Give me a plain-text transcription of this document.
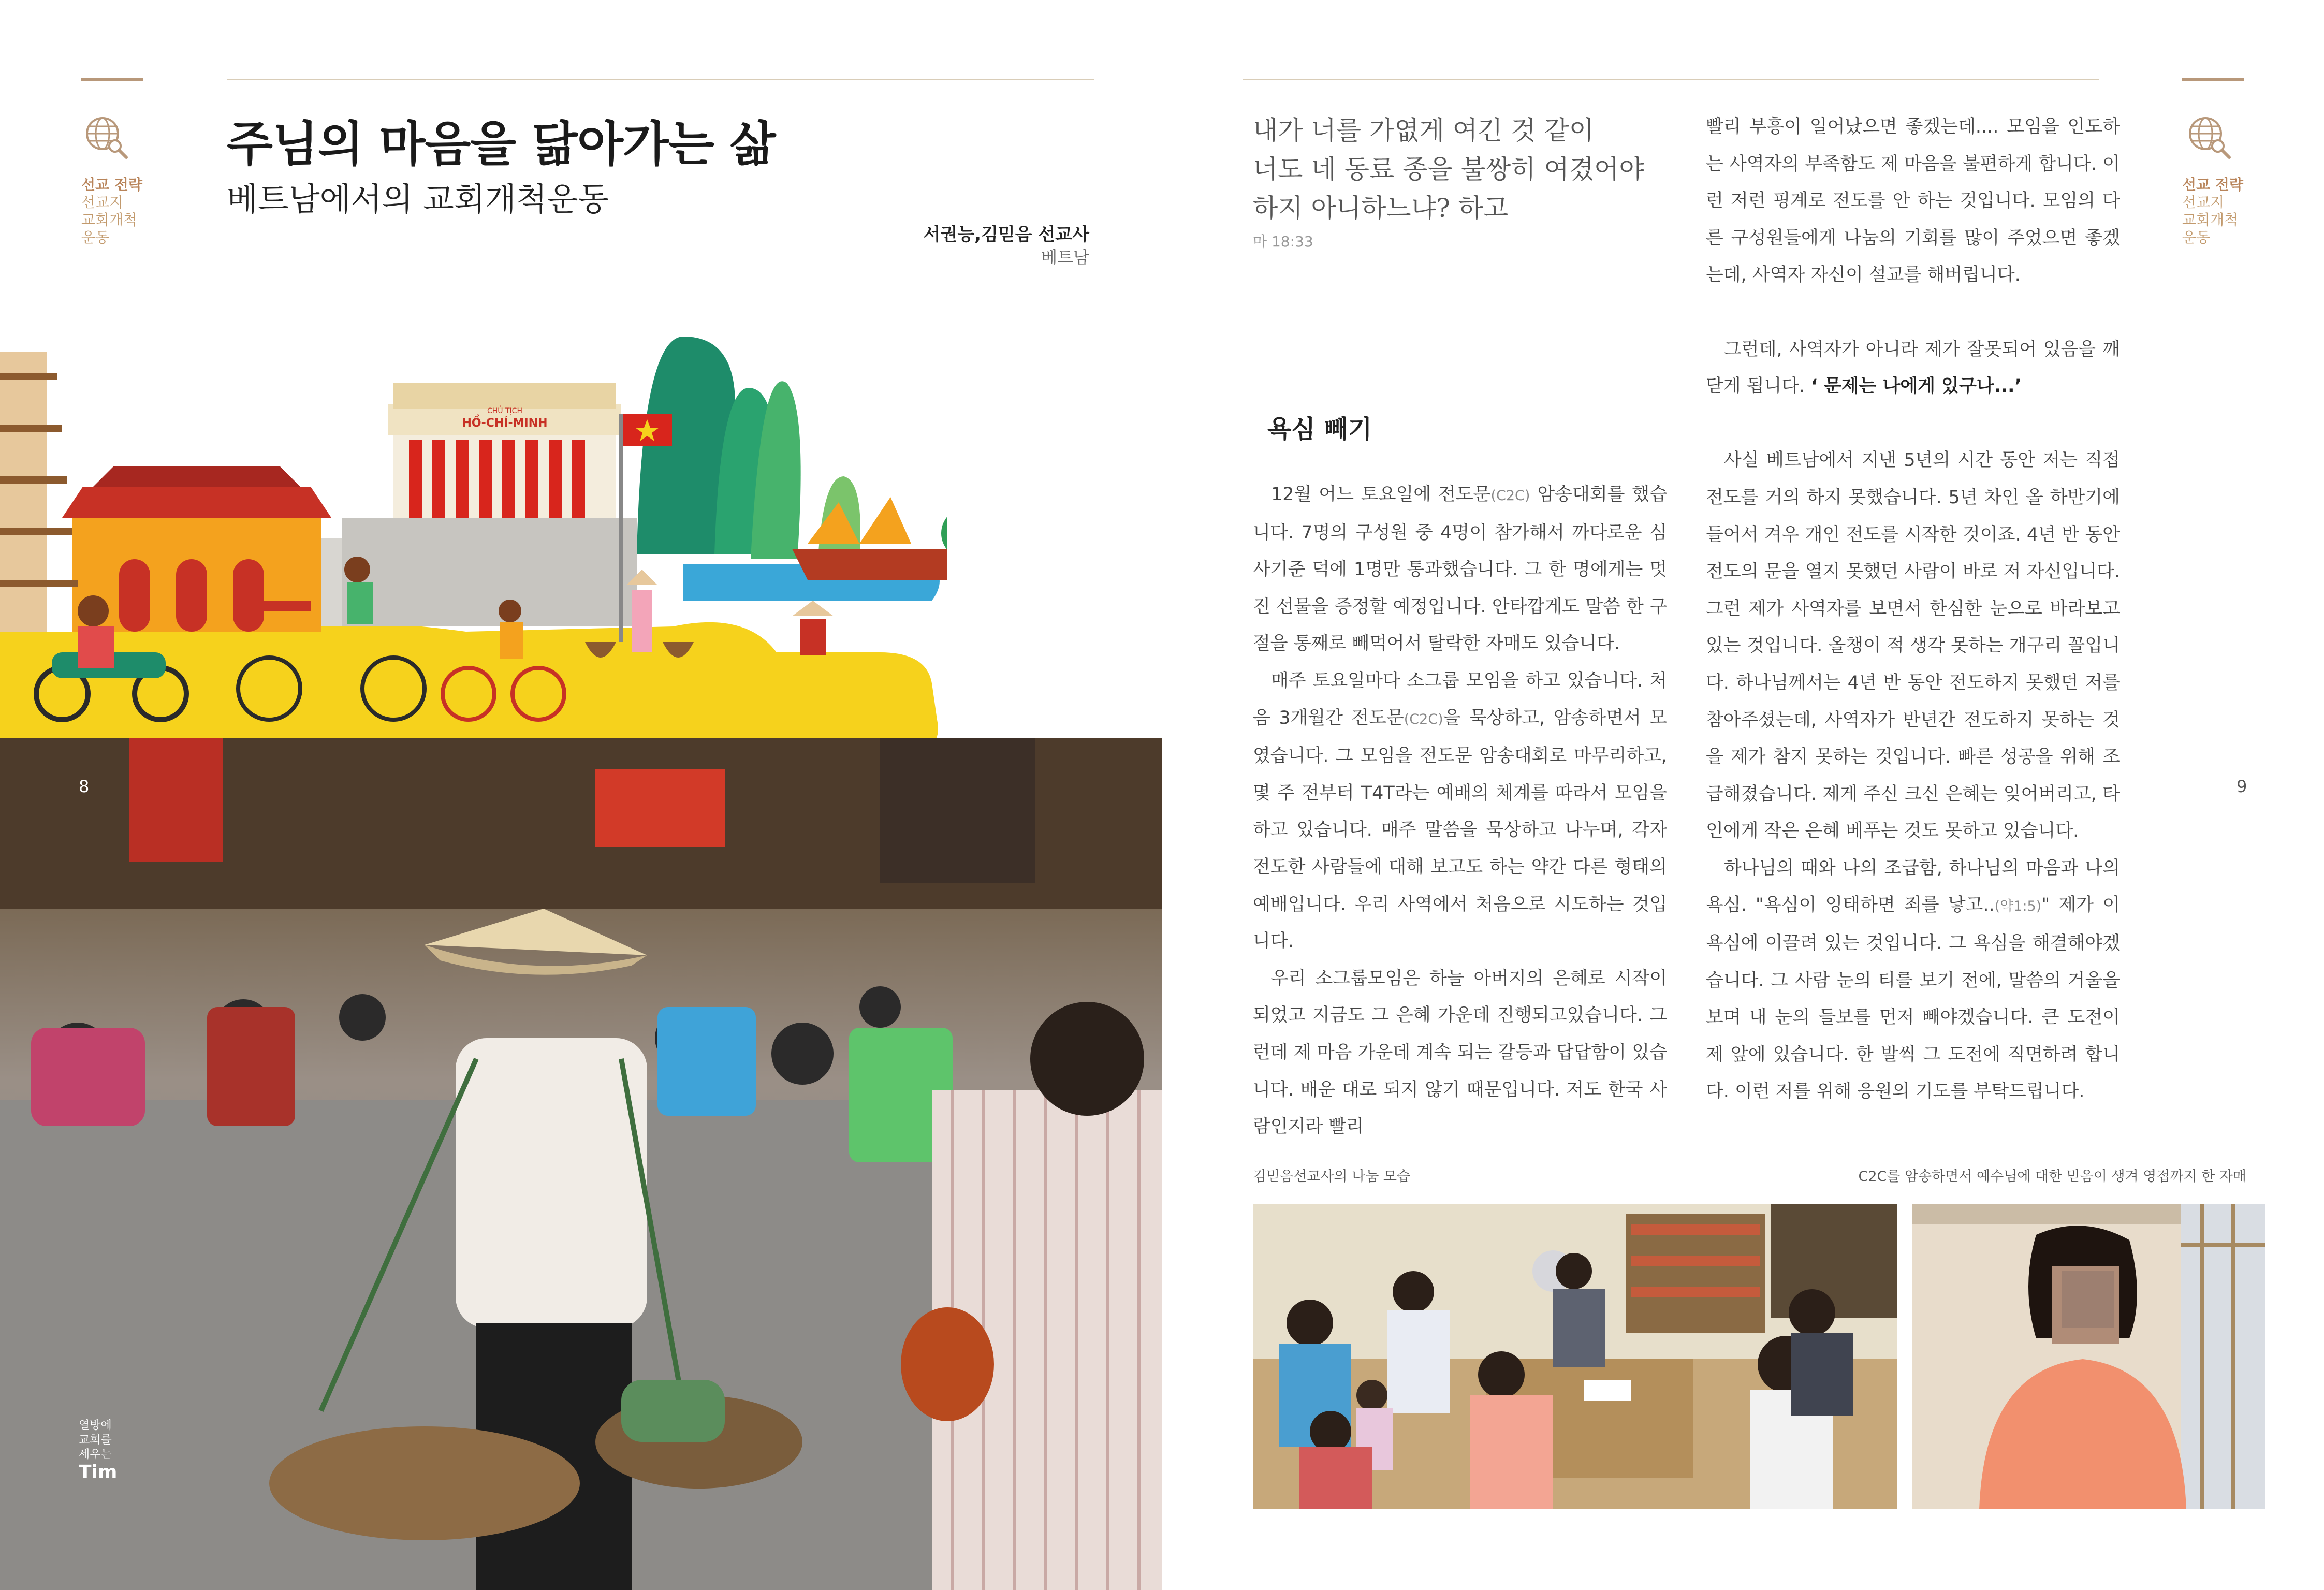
선교 전략
선교지
교회개척
운동
주님의 마음을 닮아가는 삶
베트남에서의 교회개척운동
서권능,김믿음 선교사
베트남
CHỦ TỊCH
HỒ-CHÍ-MINH
8
열방에
교회를
세우는
Tim
선교 전략
선교지
교회개척
운동
내가 너를 가엾게 여긴 것 같이
너도 네 동료 종을 불쌍히 여겼어야
하지 아니하느냐? 하고
마 18:33
욕심 빼기

12월 어느 토요일에 전도문(C2C) 암송대회를 했습니다. 7명의 구성원 중 4명이 참가해서 까다로운 심사기준 덕에 1명만 통과했습니다. 그 한 명에게는 멋진 선물을 증정할 예정입니다. 안타깝게도 말씀 한 구절을 통째로 빼먹어서 탈락한 자매도 있습니다.

매주 토요일마다 소그룹 모임을 하고 있습니다. 처음 3개월간 전도문(C2C)을 묵상하고, 암송하면서 모였습니다. 그 모임을 전도문 암송대회로 마무리하고, 몇 주 전부터 T4T라는 예배의 체계를 따라서 모임을 하고 있습니다. 매주 말씀을 묵상하고 나누며, 각자 전도한 사람들에 대해 보고도 하는 약간 다른 형태의 예배입니다. 우리 사역에서 처음으로 시도하는 것입니다.

우리 소그룹모임은 하늘 아버지의 은혜로 시작이 되었고 지금도 그 은혜 가운데 진행되고있습니다. 그런데 제 마음 가운데 계속 되는 갈등과 답답함이 있습니다. 배운 대로 되지 않기 때문입니다. 저도 한국 사람인지라 빨리

빨리 부흥이 일어났으면 좋겠는데.... 모임을 인도하는 사역자의 부족함도 제 마음을 불편하게 합니다. 이런 저런 핑계로 전도를 안 하는 것입니다. 모임의 다른 구성원들에게 나눔의 기회를 많이 주었으면 좋겠는데, 사역자 자신이 설교를 해버립니다.

그런데, 사역자가 아니라 제가 잘못되어 있음을 깨닫게 됩니다. ‘ 문제는 나에게 있구나...’

사실 베트남에서 지낸 5년의 시간 동안 저는 직접 전도를 거의 하지 못했습니다. 5년 차인 올 하반기에 들어서 겨우 개인 전도를 시작한 것이죠. 4년 반 동안 전도의 문을 열지 못했던 사람이 바로 저 자신입니다. 그런 제가 사역자를 보면서 한심한 눈으로 바라보고 있는 것입니다. 올챙이 적 생각 못하는 개구리 꼴입니다. 하나님께서는 4년 반 동안 전도하지 못했던 저를 참아주셨는데, 사역자가 반년간 전도하지 못하는 것을 제가 참지 못하는 것입니다. 빠른 성공을 위해 조급해졌습니다. 제게 주신 크신 은혜는 잊어버리고, 타인에게 작은 은혜 베푸는 것도 못하고 있습니다.

하나님의 때와 나의 조급함, 하나님의 마음과 나의 욕심. "욕심이 잉태하면 죄를 낳고..(약1:5)" 제가 이 욕심에 이끌려 있는 것입니다. 그 욕심을 해결해야겠습니다. 그 사람 눈의 티를 보기 전에, 말씀의 거울을 보며 내 눈의 들보를 먼저 빼야겠습니다. 큰 도전이 제 앞에 있습니다. 한 발씩 그 도전에 직면하려 합니다. 이런 저를 위해 응원의 기도를 부탁드립니다.

9
김믿음선교사의 나눔 모습	C2C를 암송하면서 예수님에 대한 믿음이 생겨 영접까지 한 자매
